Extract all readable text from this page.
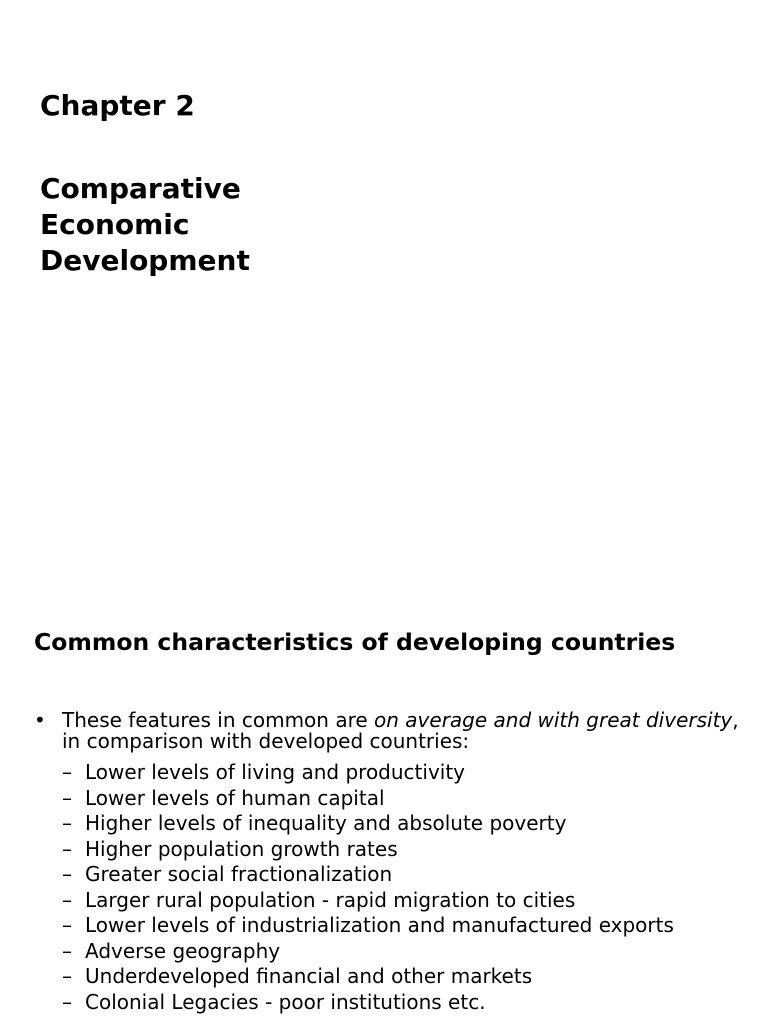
Chapter 2
Comparative
Economic
Development
Common characteristics of developing countries
• These features in common are on average and with great diversity, in comparison with developed countries:
– Lower levels of living and productivity
– Lower levels of human capital
– Higher levels of inequality and absolute poverty
– Higher population growth rates
– Greater social fractionalization
– Larger rural population - rapid migration to cities
– Lower levels of industrialization and manufactured exports
– Adverse geography
– Underdeveloped financial and other markets
– Colonial Legacies - poor institutions etc.
